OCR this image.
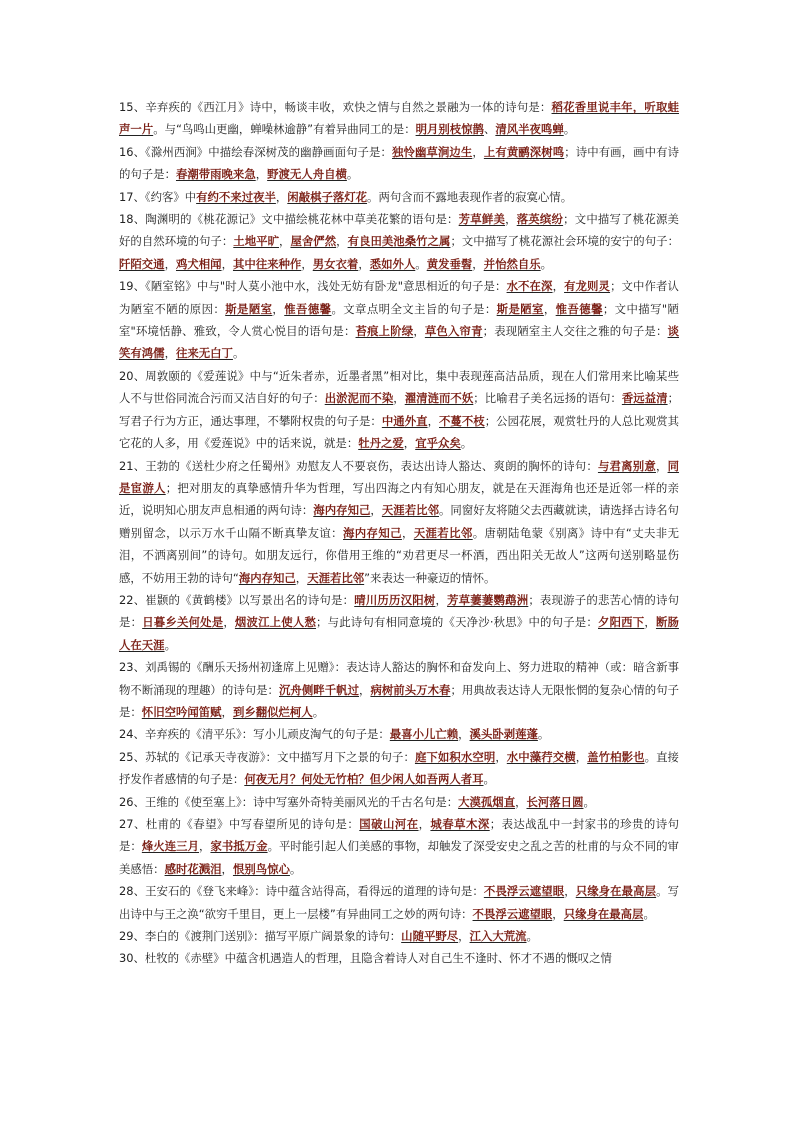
15、辛弃疾的《西江月》诗中，畅谈丰收，欢快之情与自然之景融为一体的诗句是：稻花香里说丰年，听取蛙声一片。与“鸟鸣山更幽，蝉噪林逾静”有着异曲同工的是：明月别枝惊鹊、清风半夜鸣蝉。

16、《滁州西涧》中描绘春深树茂的幽静画面句子是：独怜幽草涧边生，上有黄鹂深树鸣；诗中有画，画中有诗的句子是：春潮带雨晚来急，野渡无人舟自横。

17、《约客》中有约不来过夜半，闲敲棋子落灯花。两句含而不露地表现作者的寂寞心情。

18、陶渊明的《桃花源记》文中描绘桃花林中草美花繁的语句是：芳草鲜美，落英缤纷；文中描写了桃花源美好的自然环境的句子：土地平旷，屋舍俨然，有良田美池桑竹之属；文中描写了桃花源社会环境的安宁的句子：阡陌交通，鸡犬相闻，其中往来种作，男女衣着，悉如外人。黄发垂髫，并怡然自乐。

19、《陋室铭》中与"时人莫小池中水，浅处无妨有卧龙"意思相近的句子是：水不在深，有龙则灵；文中作者认为陋室不陋的原因：斯是陋室，惟吾德馨。文章点明全文主旨的句子是：斯是陋室，惟吾德馨；文中描写"陋室"环境恬静、雅致，令人赏心悦目的语句是：苔痕上阶绿，草色入帘青；表现陋室主人交往之雅的句子是：谈笑有鸿儒，往来无白丁。

20、周敦颐的《爱莲说》中与“近朱者赤，近墨者黑”相对比，集中表现莲高洁品质，现在人们常用来比喻某些人不与世俗同流合污而又洁自好的句子：出淤泥而不染，濯清涟而不妖；比喻君子美名远扬的语句：香远益清；写君子行为方正，通达事理，不攀附权贵的句子是：中通外直，不蔓不枝；公园花展，观赏牡丹的人总比观赏其它花的人多，用《爱莲说》中的话来说，就是：牡丹之爱，宜乎众矣。

21、王勃的《送杜少府之任蜀州》劝慰友人不要哀伤，表达出诗人豁达、爽朗的胸怀的诗句：与君离别意，同是宦游人；把对朋友的真挚感情升华为哲理，写出四海之内有知心朋友，就是在天涯海角也还是近邻一样的亲近，说明知心朋友声息相通的两句诗：海内存知己，天涯若比邻。同窗好友将随父去西藏就读，请选择古诗名句赠别留念，以示万水千山隔不断真挚友谊：海内存知己，天涯若比邻。唐朝陆龟蒙《别离》诗中有“丈夫非无泪，不洒离别间”的诗句。如朋友远行，你借用王维的“劝君更尽一杯酒，西出阳关无故人”这两句送别略显伤感，不妨用王勃的诗句“海内存知己，天涯若比邻”来表达一种豪迈的情怀。

22、崔颢的《黄鹤楼》以写景出名的诗句是：晴川历历汉阳树，芳草萋萋鹦鹉洲；表现游子的悲苦心情的诗句是：日暮乡关何处是，烟波江上使人愁；与此诗句有相同意境的《天净沙·秋思》中的句子是：夕阳西下，断肠人在天涯。

23、刘禹锡的《酬乐天扬州初逢席上见赠》：表达诗人豁达的胸怀和奋发向上、努力进取的精神（或：暗含新事物不断涌现的理趣）的诗句是：沉舟侧畔千帆过，病树前头万木春；用典故表达诗人无限怅惘的复杂心情的句子是：怀旧空吟闻笛赋，到乡翻似烂柯人。

24、辛弃疾的《清平乐》：写小儿顽皮淘气的句子是：最喜小儿亡赖，溪头卧剥莲蓬。

25、苏轼的《记承天寺夜游》：文中描写月下之景的句子：庭下如积水空明，水中藻荇交横，盖竹柏影也。直接抒发作者感情的句子是：何夜无月？何处无竹柏？但少闲人如吾两人者耳。

26、王维的《使至塞上》：诗中写塞外奇特美丽风光的千古名句是：大漠孤烟直，长河落日圆。

27、杜甫的《春望》中写春望所见的诗句是：国破山河在，城春草木深；表达战乱中一封家书的珍贵的诗句是：烽火连三月，家书抵万金。平时能引起人们美感的事物，却触发了深受安史之乱之苦的杜甫的与众不同的审美感悟：感时花溅泪，恨别鸟惊心。

28、王安石的《登飞来峰》：诗中蕴含站得高，看得远的道理的诗句是：不畏浮云遮望眼，只缘身在最高层。写出诗中与王之涣“欲穷千里目，更上一层楼”有异曲同工之妙的两句诗：不畏浮云遮望眼，只缘身在最高层。

29、李白的《渡荆门送别》：描写平原广阔景象的诗句：山随平野尽，江入大荒流。

30、杜牧的《赤壁》中蕴含机遇造人的哲理，且隐含着诗人对自己生不逢时、怀才不遇的慨叹之情
